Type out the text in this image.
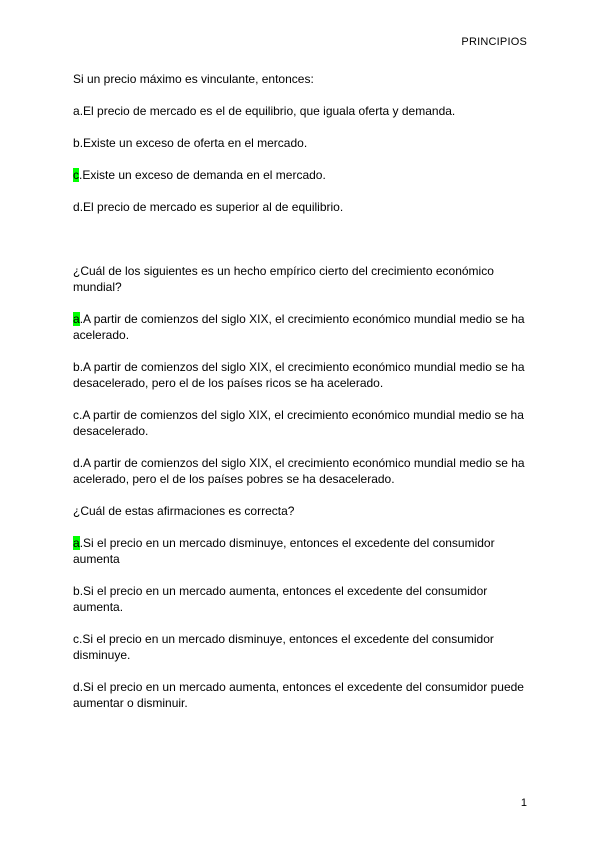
PRINCIPIOS

Si un precio máximo es vinculante, entonces:

a.El precio de mercado es el de equilibrio, que iguala oferta y demanda.

b.Existe un exceso de oferta en el mercado.

c.Existe un exceso de demanda en el mercado.

d.El precio de mercado es superior al de equilibrio.

¿Cuál de los siguientes es un hecho empírico cierto del crecimiento económico mundial?

a.A partir de comienzos del siglo XIX, el crecimiento económico mundial medio se ha acelerado.

b.A partir de comienzos del siglo XIX, el crecimiento económico mundial medio se ha desacelerado, pero el de los países ricos se ha acelerado.

c.A partir de comienzos del siglo XIX, el crecimiento económico mundial medio se ha desacelerado.

d.A partir de comienzos del siglo XIX, el crecimiento económico mundial medio se ha acelerado, pero el de los países pobres se ha desacelerado.

¿Cuál de estas afirmaciones es correcta?

a.Si el precio en un mercado disminuye, entonces el excedente del consumidor aumenta

b.Si el precio en un mercado aumenta, entonces el excedente del consumidor aumenta.

c.Si el precio en un mercado disminuye, entonces el excedente del consumidor disminuye.

d.Si el precio en un mercado aumenta, entonces el excedente del consumidor puede aumentar o disminuir.

1
